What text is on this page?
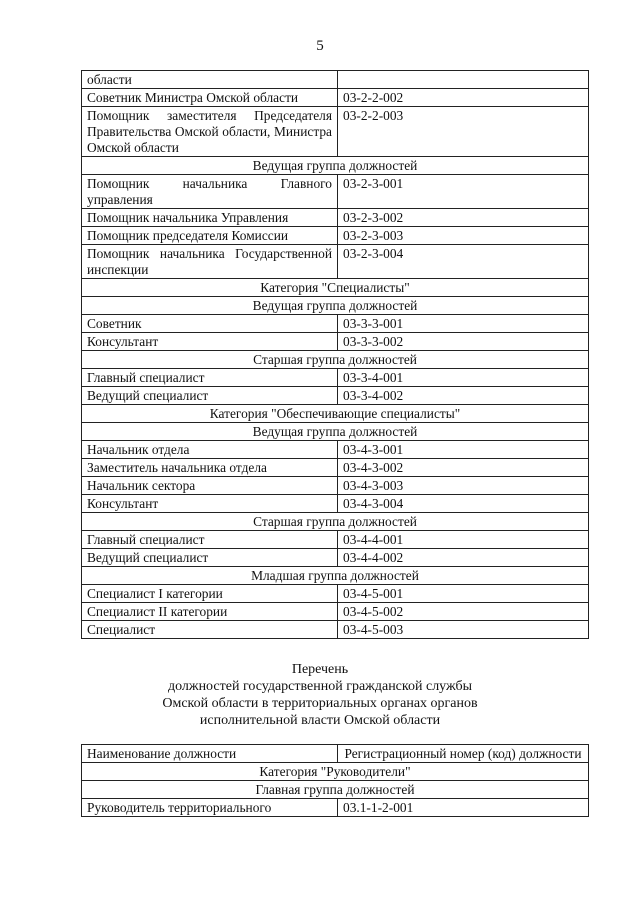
5
области	
Советник Министра Омской области	03-2-2-002
Помощник заместителя Председателя Правительства Омской области, Министра Омской области	03-2-2-003
Ведущая группа должностей	
Помощник начальника Главного управления	03-2-3-001
Помощник начальника Управления	03-2-3-002
Помощник председателя Комиссии	03-2-3-003
Помощник начальника Государственной инспекции	03-2-3-004
Категория "Специалисты"	
Ведущая группа должностей	
Советник	03-3-3-001
Консультант	03-3-3-002
Старшая группа должностей	
Главный специалист	03-3-4-001
Ведущий специалист	03-3-4-002
Категория "Обеспечивающие специалисты"	
Ведущая группа должностей	
Начальник отдела	03-4-3-001
Заместитель начальника отдела	03-4-3-002
Начальник сектора	03-4-3-003
Консультант	03-4-3-004
Старшая группа должностей	
Главный специалист	03-4-4-001
Ведущий специалист	03-4-4-002
Младшая группа должностей	
Специалист I категории	03-4-5-001
Специалист II категории	03-4-5-002
Специалист	03-4-5-003
Перечень
должностей государственной гражданской службы
Омской области в территориальных органах органов
исполнительной власти Омской области
Наименование должности	Регистрационный номер (код) должности
Категория "Руководители"	
Главная группа должностей	
Руководитель территориального	03.1-1-2-001
